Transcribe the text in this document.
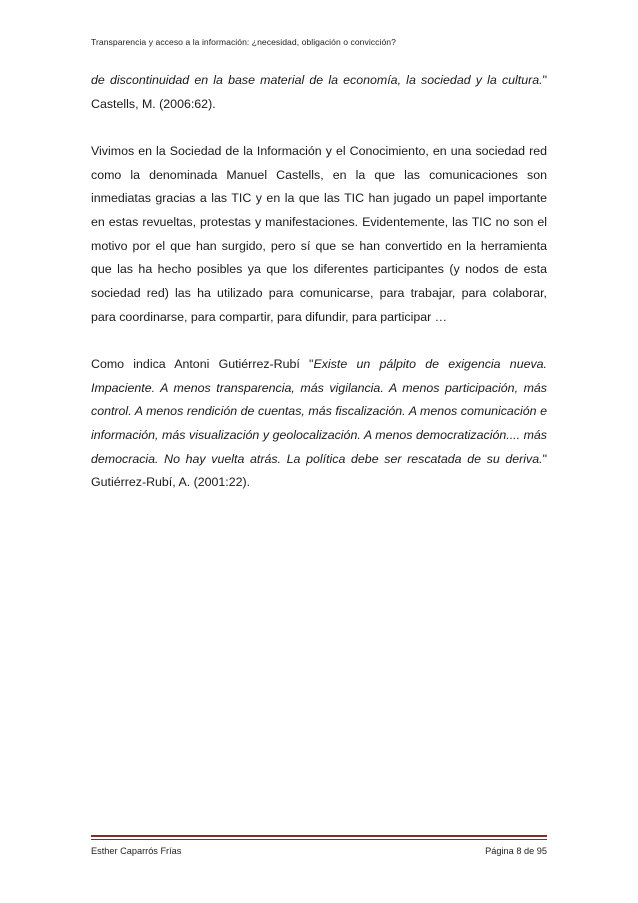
Transparencia y acceso a la información: ¿necesidad, obligación o convicción?

de discontinuidad en la base material de la economía, la sociedad y la cultura." Castells, M. (2006:62).

Vivimos en la Sociedad de la Información y el Conocimiento, en una sociedad red como la denominada Manuel Castells, en la que las comunicaciones son inmediatas gracias a las TIC y en la que las TIC han jugado un papel importante en estas revueltas, protestas y manifestaciones. Evidentemente, las TIC no son el motivo por el que han surgido, pero sí que se han convertido en la herramienta que las ha hecho posibles ya que los diferentes participantes (y nodos de esta sociedad red) las ha utilizado para comunicarse, para trabajar, para colaborar, para coordinarse, para compartir, para difundir, para participar …

Como indica Antoni Gutiérrez-Rubí "Existe un pálpito de exigencia nueva. Impaciente. A menos transparencia, más vigilancia. A menos participación, más control. A menos rendición de cuentas, más fiscalización. A menos comunicación e información, más visualización y geolocalización. A menos democratización.... más democracia. No hay vuelta atrás. La política debe ser rescatada de su deriva." Gutiérrez-Rubí, A. (2001:22).

Esther Caparrós Frías	Página 8 de 95
